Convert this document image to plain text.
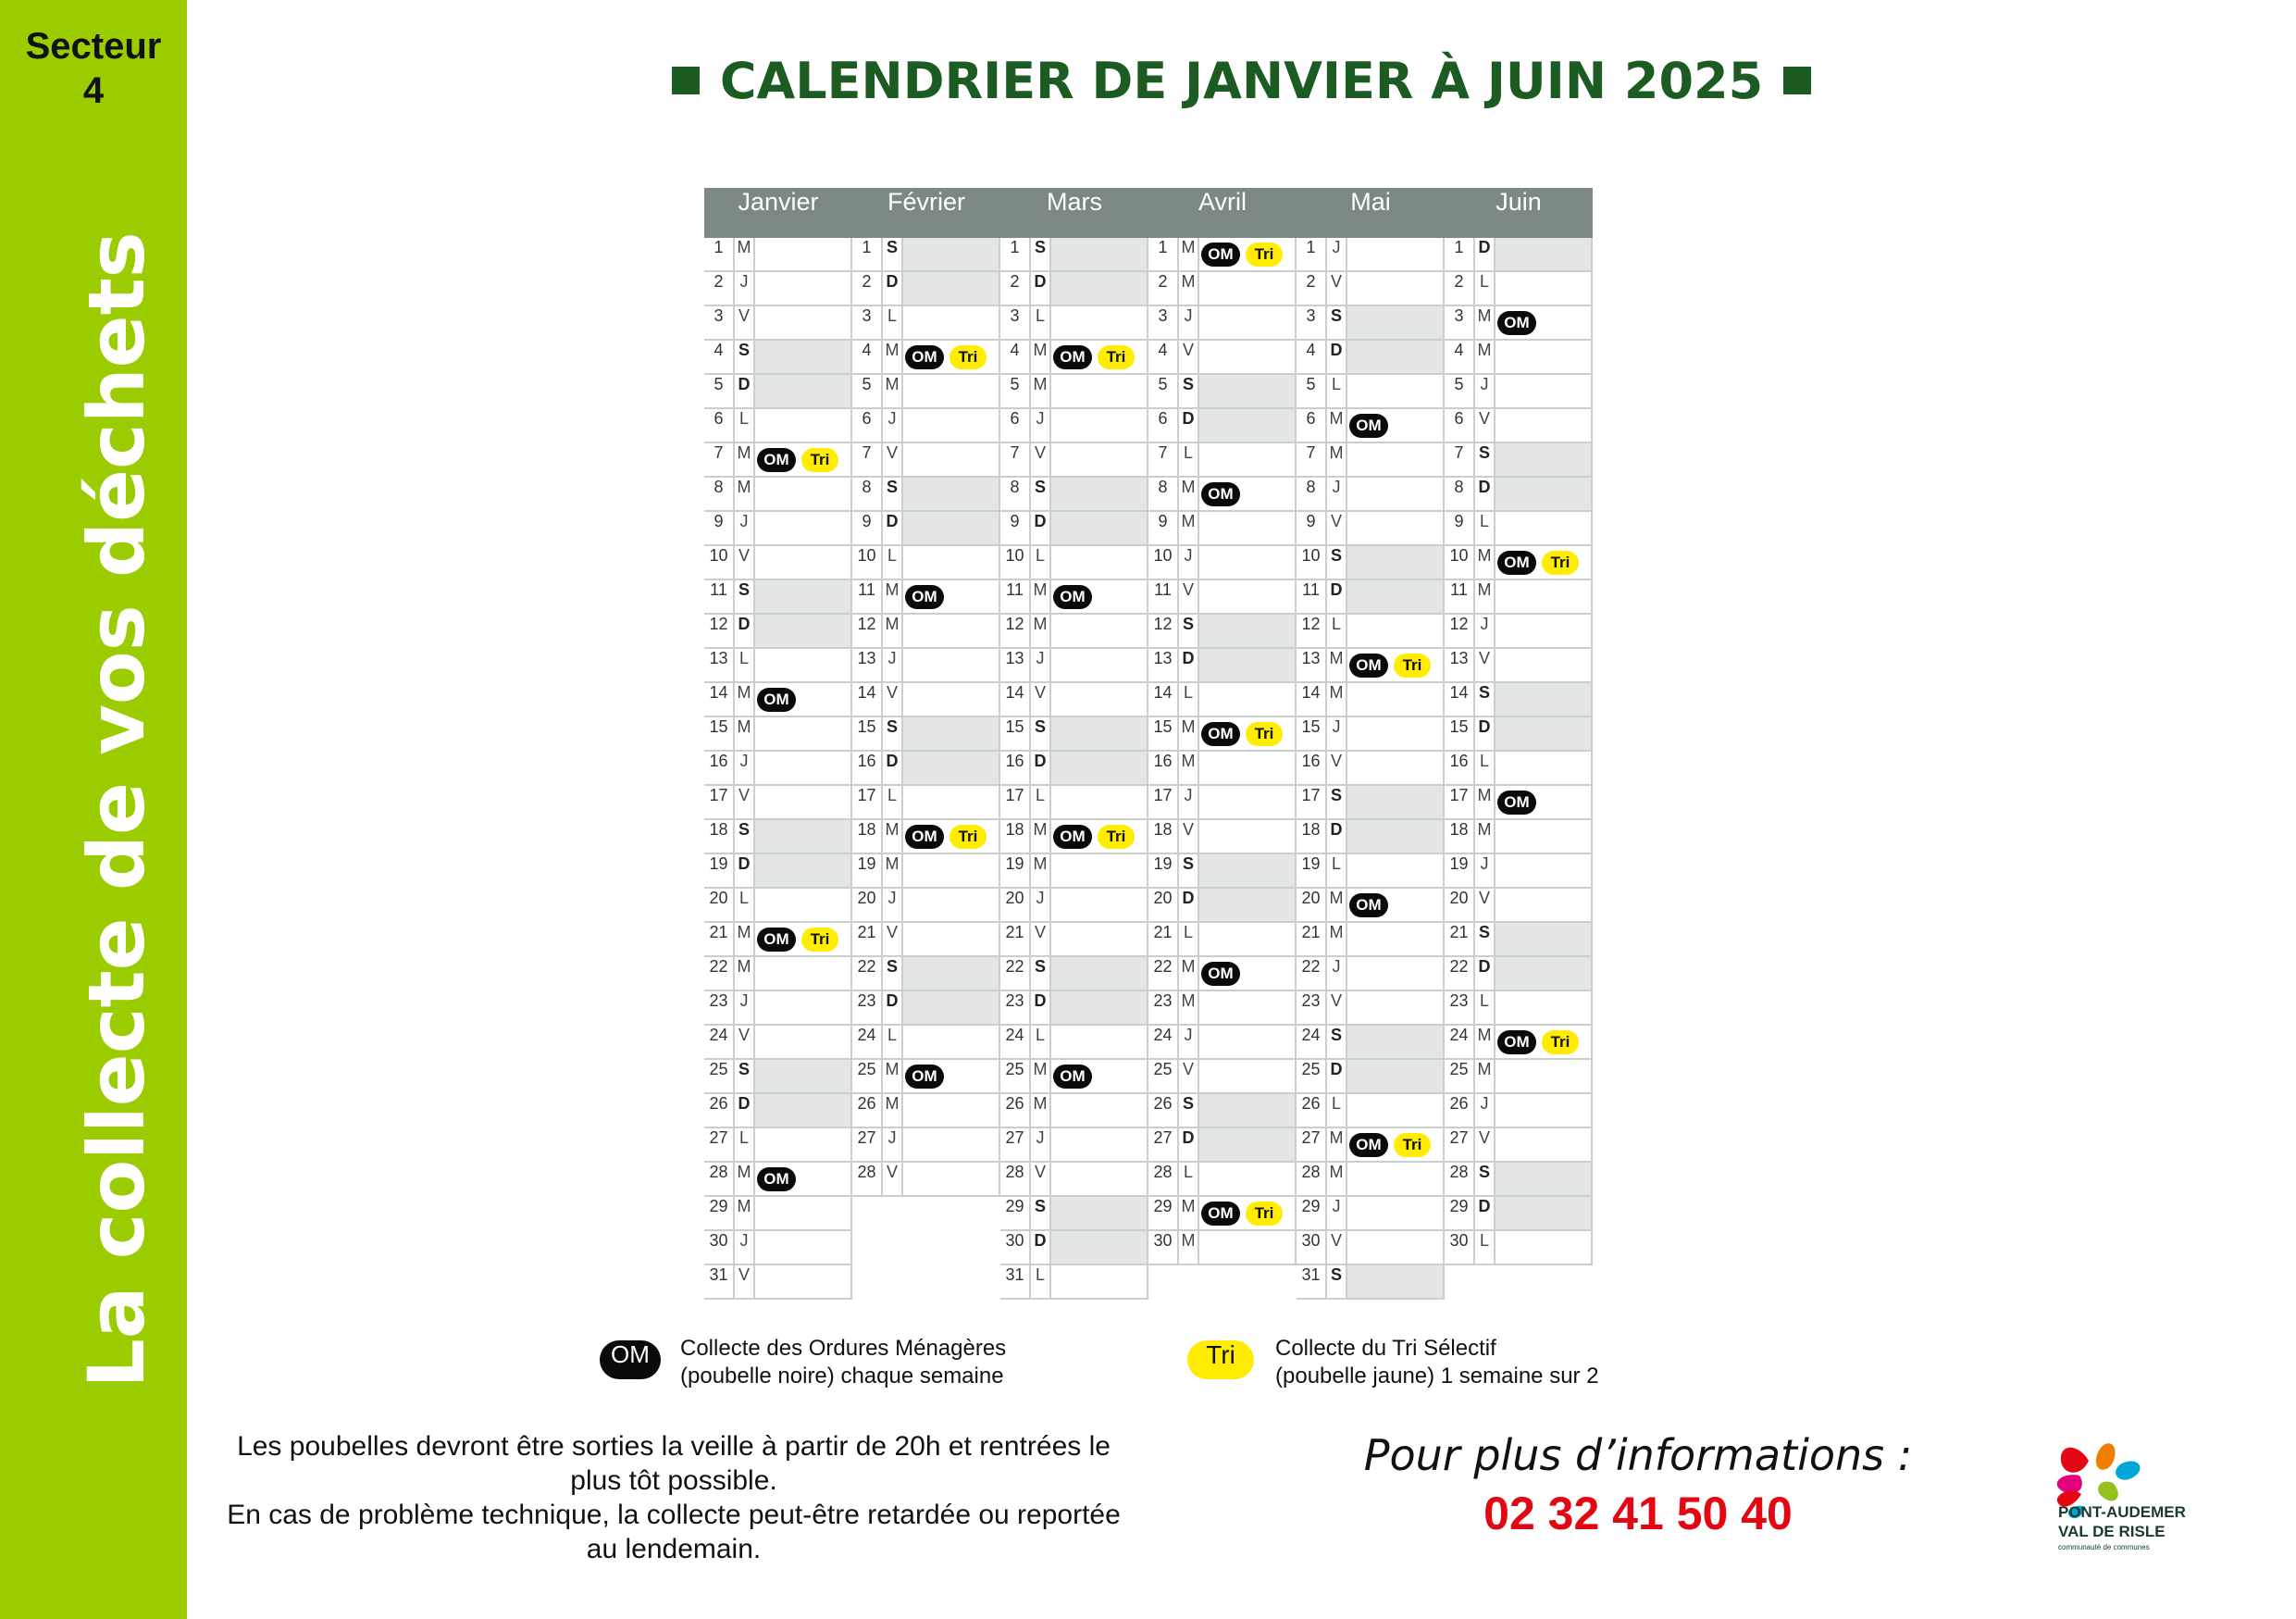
Secteur
4
La collecte de vos déchets
CALENDRIER DE JANVIER À JUIN 2025
Janvier
1 M
2	J
3 V
4 S
5 D
6 L
7 M OM	Tri
8 M
9	J
10 V
11 S
12 D
13 L
14 M OM
15 M
16 J
17 V
18 S
19 D
20 L
21 M OM	Tri
22 M
23 J
24 V
25 S
26 D
27 L
28 M OM
29 M
30 J
31 V
Février
1 S
2 D
3 L
4 M OM	Tri
5 M
6	J
7 V
8 S
9 D
10 L
11 M OM
12 M
13 J
14 V
15 S
16 D
17 L
18 M OM	Tri
19 M
20 J
21 V
22 S
23 D
24 L
25 M OM
26 M
27 J
28 V
Mars
1 S
2 D
3 L
4 M OM	Tri
5 M
6	J
7 V
8 S
9 D
10 L
11 M OM
12 M
13 J
14 V
15 S
16 D
17 L
18 M OM	Tri
19 M
20 J
21 V
22 S
23 D
24 L
25 M OM
26 M
27 J
28 V
29 S
30 D
31 L
Avril
1 M OM	Tri
2 M
3	J
4 V
5 S
6 D
7 L
8 M OM
9 M
10 J
11 V
12 S
13 D
14 L
15 M OM	Tri
16 M
17 J
18 V
19 S
20 D
21 L
22 M OM
23 M
24 J
25 V
26 S
27 D
28 L
29 M OM	Tri
30 M
Mai
1	J
2 V
3 S
4 D
5 L
6 M OM
7 M
8	J
9 V
10 S
11 D
12 L
13 M OM	Tri
14 M
15 J
16 V
17 S
18 D
19 L
20 M OM
21 M
22 J
23 V
24 S
25 D
26 L
27 M OM	Tri
28 M
29 J
30 V
31 S
Juin
1 D
2 L
3 M OM
4 M
5	J
6 V
7 S
8 D
9 L
10 M OM	Tri
11 M
12 J
13 V
14 S
15 D
16 L
17 M OM
18 M
19 J
20 V
21 S
22 D
23 L
24 M OM	Tri
25 M
26 J
27 V
28 S
29 D
30 L
OM	Collecte des Ordures Ménagères
(poubelle noire) chaque semaine
Tri	Collecte du Tri Sélectif
(poubelle jaune) 1 semaine sur 2
Les poubelles devront être sorties la veille à partir de 20h et rentrées le
plus tôt possible.
En cas de problème technique, la collecte peut-être retardée ou reportée
au lendemain.
Pour plus d’informations :
02 32 41 50 40	PONT-AUDEMER
VAL DE RISLE
communauté de communes
